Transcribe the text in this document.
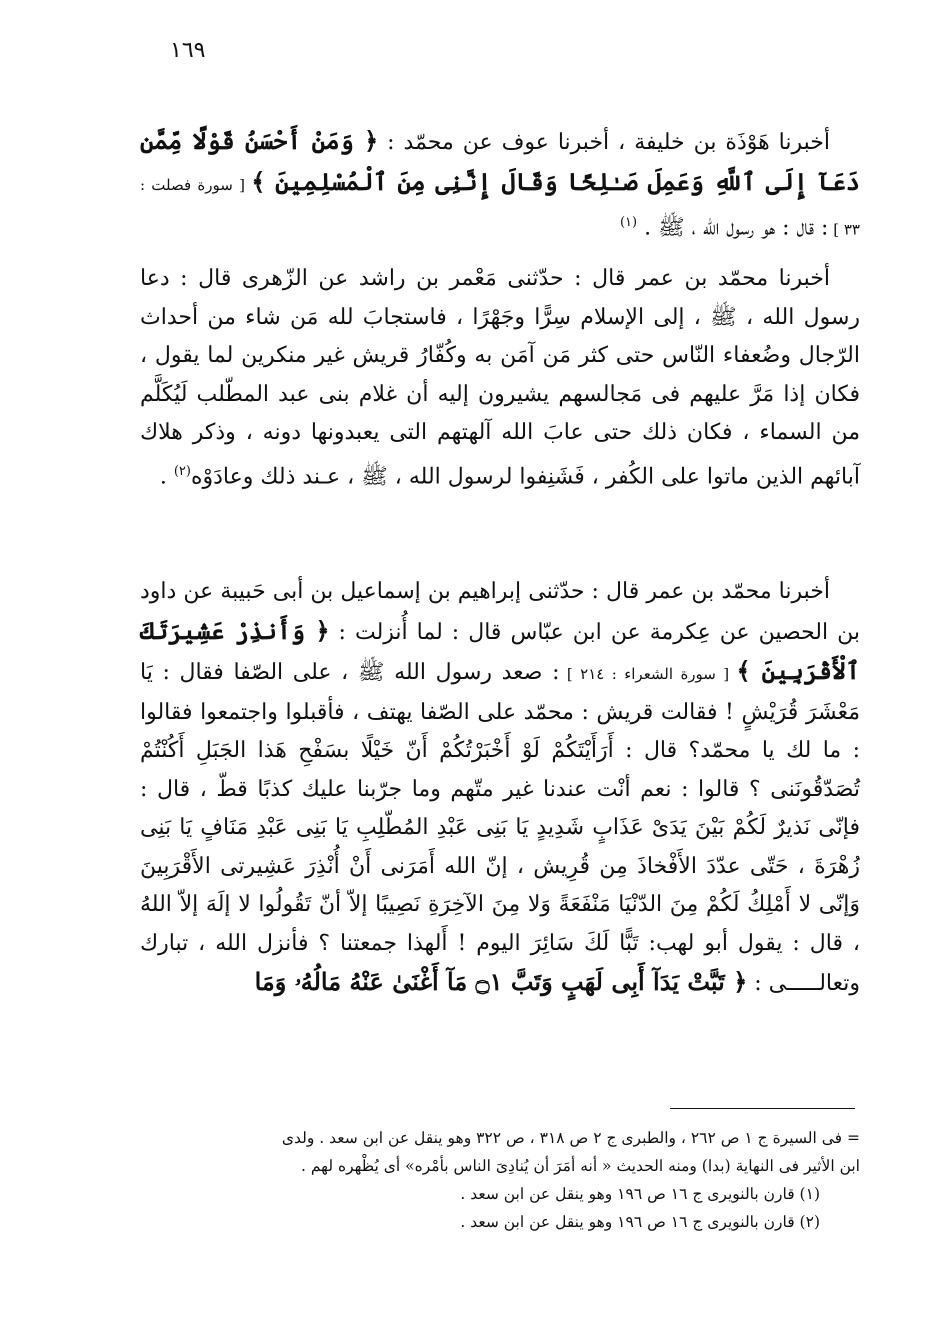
١٦٩

أخبرنا هَوْذَة بن خليفة ، أخبرنا عوف عن محمّد : ﴿ وَمَنْ أَحْسَنُ قَوْلًا مِّمَّن دَعَآ إِلَى ٱللَّهِ وَعَمِلَ صَـٰلِحًا وَقَالَ إِنَّنِى مِنَ ٱلْمُسْلِمِينَ ﴾ [ سورة فصلت : ٣٣ ] : قال : هو رسول الله ، ﷺ . $^{(١)}$

أخبرنا محمّد بن عمر قال : حدّثنى مَعْمر بن راشد عن الزّهرى قال : دعا رسول الله ، ﷺ ، إلى الإسلام سِرًّا وجَهْرًا ، فاستجابَ لله مَن شاء من أحداث الرّجال وضُعفاء النّاس حتى كثر مَن آمَن به وكُفّارُ قريش غير منكرين لما يقول ، فكان إذا مَرَّ عليهم فى مَجالسهم يشيرون إليه أن غلام بنى عبد المطّلب لَيُكَلَّم من السماء ، فكان ذلك حتى عابَ الله آلهتهم التى يعبدونها دونه ، وذكر هلاك آبائهم الذين ماتوا على الكُفر ، فَشَنِفوا لرسول الله ، ﷺ ، عـند ذلك وعادَوْه$^{(٢)}$ .

أخبرنا محمّد بن عمر قال : حدّثنى إبراهيم بن إسماعيل بن أبى حَبيبة عن داود بن الحصين عن عِكرمة عن ابن عبّاس قال : لما أُنزلت : ﴿ وَأَنذِرْ عَشِيرَتَكَ ٱلْأَقْرَبِينَ ﴾ [ سورة الشعراء : ٢١٤ ] : صعد رسول الله ﷺ ، على الصّفا فقال : يَا مَعْشَرَ قُرَيْشٍ ! فقالت قريش : محمّد على الصّفا يهتف ، فأقبلوا واجتمعوا فقالوا : ما لك يا محمّد؟ قال : أَرَأَيْتَكُمْ لَوْ أَخْبَرْتُكُمْ أَنّ خَيْلًا بسَفْحِ هَذا الجَبَلِ أَكُنْتُمْ تُصَدّقُونَنى ؟ قالوا : نعم أنْت عندنا غير متّهم وما جرّبنا عليك كذبًا قطّ ، قال : فإنّى نَذيرٌ لَكُمْ بَيْنَ يَدَىْ عَذَابٍ شَدِيدٍ يَا بَنِى عَبْدِ المُطّلِبِ يَا بَنِى عَبْدِ مَنَافٍ يَا بَنِى زُهْرَةَ ، حَتّى عدّدَ الأَفْخاذَ مِن قُرِيش ، إنّ الله أَمَرَنى أَنْ أُنْذِرَ عَشِيرتى الأَقْرَبِينَ وَإنّى لا أَمْلِكُ لَكُمْ مِنَ الدّنْيَا مَنْفَعَةً وَلا مِنَ الآخِرَةِ نَصِيبًا إلاّ أنّ تَقُولُوا لا إلَهَ إلاّ اللهُ ، قال : يقول أبو لهب: تَبًّا لَكَ سَائِرَ اليوم ! أَلهذا جمعتنا ؟ فأنزل الله ، تبارك وتعالـــــى : ﴿ تَبَّتْ يَدَآ أَبِى لَهَبٍ وَتَبَّ ۝١ مَآ أَغْنَىٰ عَنْهُ مَالُهُۥ وَمَا

= فى السيرة ج ١ ص ٢٦٢ ، والطبرى ج ٢ ص ٣١٨ ، ص ٣٢٢ وهو ينقل عن ابن سعد . ولدى
ابن الأثير فى النهاية (بدا) ومنه الحديث « أنه أمَرَ أن يُنادِىَ الناس بأمْره» أى يُظْهره لهم .
(١) قارن بالنويرى ج ١٦ ص ١٩٦ وهو ينقل عن ابن سعد .
(٢) قارن بالنويرى ج ١٦ ص ١٩٦ وهو ينقل عن ابن سعد .
